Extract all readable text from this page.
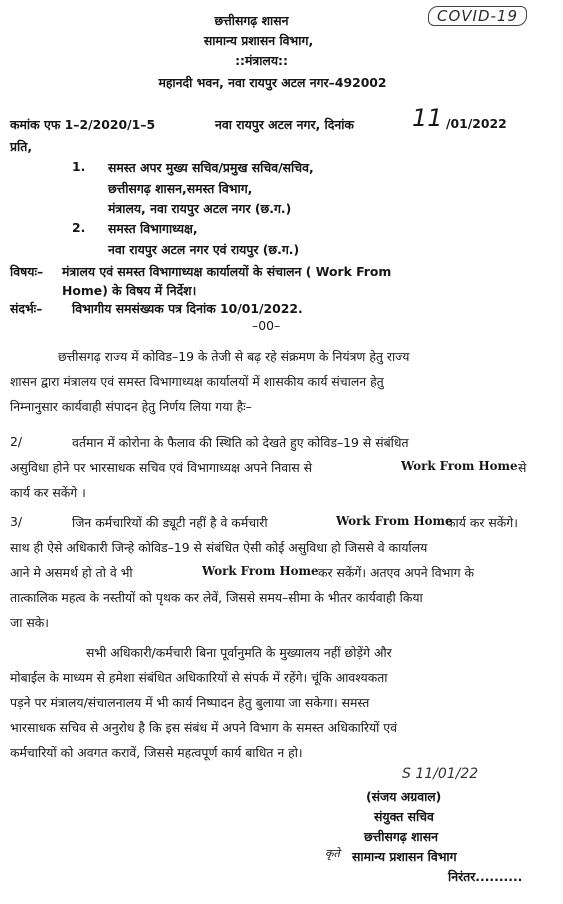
COVID-19
छत्तीसगढ़ शासन
सामान्य प्रशासन विभाग,
::मंत्रालय::
महानदी भवन, नवा रायपुर अटल नगर–492002
कमांक एफ 1–2/2020/1–5	नवा रायपुर अटल नगर, दिनांक 11 /01/2022
प्रति,
1. समस्त अपर मुख्य सचिव/प्रमुख सचिव/सचिव,
छत्तीसगढ़ शासन,समस्त विभाग,
मंत्रालय, नवा रायपुर अटल नगर (छ.ग.)
2. समस्त विभागाध्यक्ष,
नवा रायपुर अटल नगर एवं रायपुर (छ.ग.)
विषयः– मंत्रालय एवं समस्त विभागाध्यक्ष कार्यालयों के संचालन ( Work From
Home) के विषय में निर्देश।
संदर्भः– विभागीय समसंख्यक पत्र दिनांक 10/01/2022.
–00–
छत्तीसगढ़ राज्य में कोविड–19 के तेजी से बढ़ रहे संक्रमण के नियंत्रण हेतु राज्य
शासन द्वारा मंत्रालय एवं समस्त विभागाध्यक्ष कार्यालयों में शासकीय कार्य संचालन हेतु
निम्नानुसार कार्यवाही संपादन हेतु निर्णय लिया गया हैः–
2/	वर्तमान में कोरोना के फैलाव की स्थिति को देखते हुए कोविड–19 से संबंधित
असुविधा होने पर भारसाधक सचिव एवं विभागाध्यक्ष अपने निवास से	Work From Home से
कार्य कर सकेंगे ।
3/	जिन कर्मचारियों की ड्यूटी नहीं है वे कर्मचारी	Work From Home
कार्य कर सकेंगे।
साथ ही ऐसे अधिकारी जिन्हे कोविड–19 से संबंधित ऐसी कोई असुविधा हो जिससे वे कार्यालय
आने मे असमर्थ हो तो वे भी	Work From Home कर सकेंगें। अतएव अपने विभाग के
तात्कालिक महत्व के नस्तीयों को पृथक कर लेवें, जिससे समय–सीमा के भीतर कार्यवाही किया
जा सके।
सभी अधिकारी/कर्मचारी बिना पूर्वानुमति के मुख्यालय नहीं छोड़ेंगे और
मोबाईल के माध्यम से हमेशा संबंधित अधिकारियों से संपर्क में रहेंगे। चूंकि आवश्यकता
पड़ने पर मंत्रालय/संचालनालय में भी कार्य निष्पादन हेतु बुलाया जा सकेगा। समस्त
भारसाधक सचिव से अनुरोध है कि इस संबंध में अपने विभाग के समस्त अधिकारियों एवं
कर्मचारियों को अवगत करावें, जिससे महत्वपूर्ण कार्य बाधित न हो।
S 11/01/22
(संजय अग्रवाल)
संयुक्त सचिव
छत्तीसगढ़ शासन
कृते सामान्य प्रशासन विभाग
निरंतर..........
